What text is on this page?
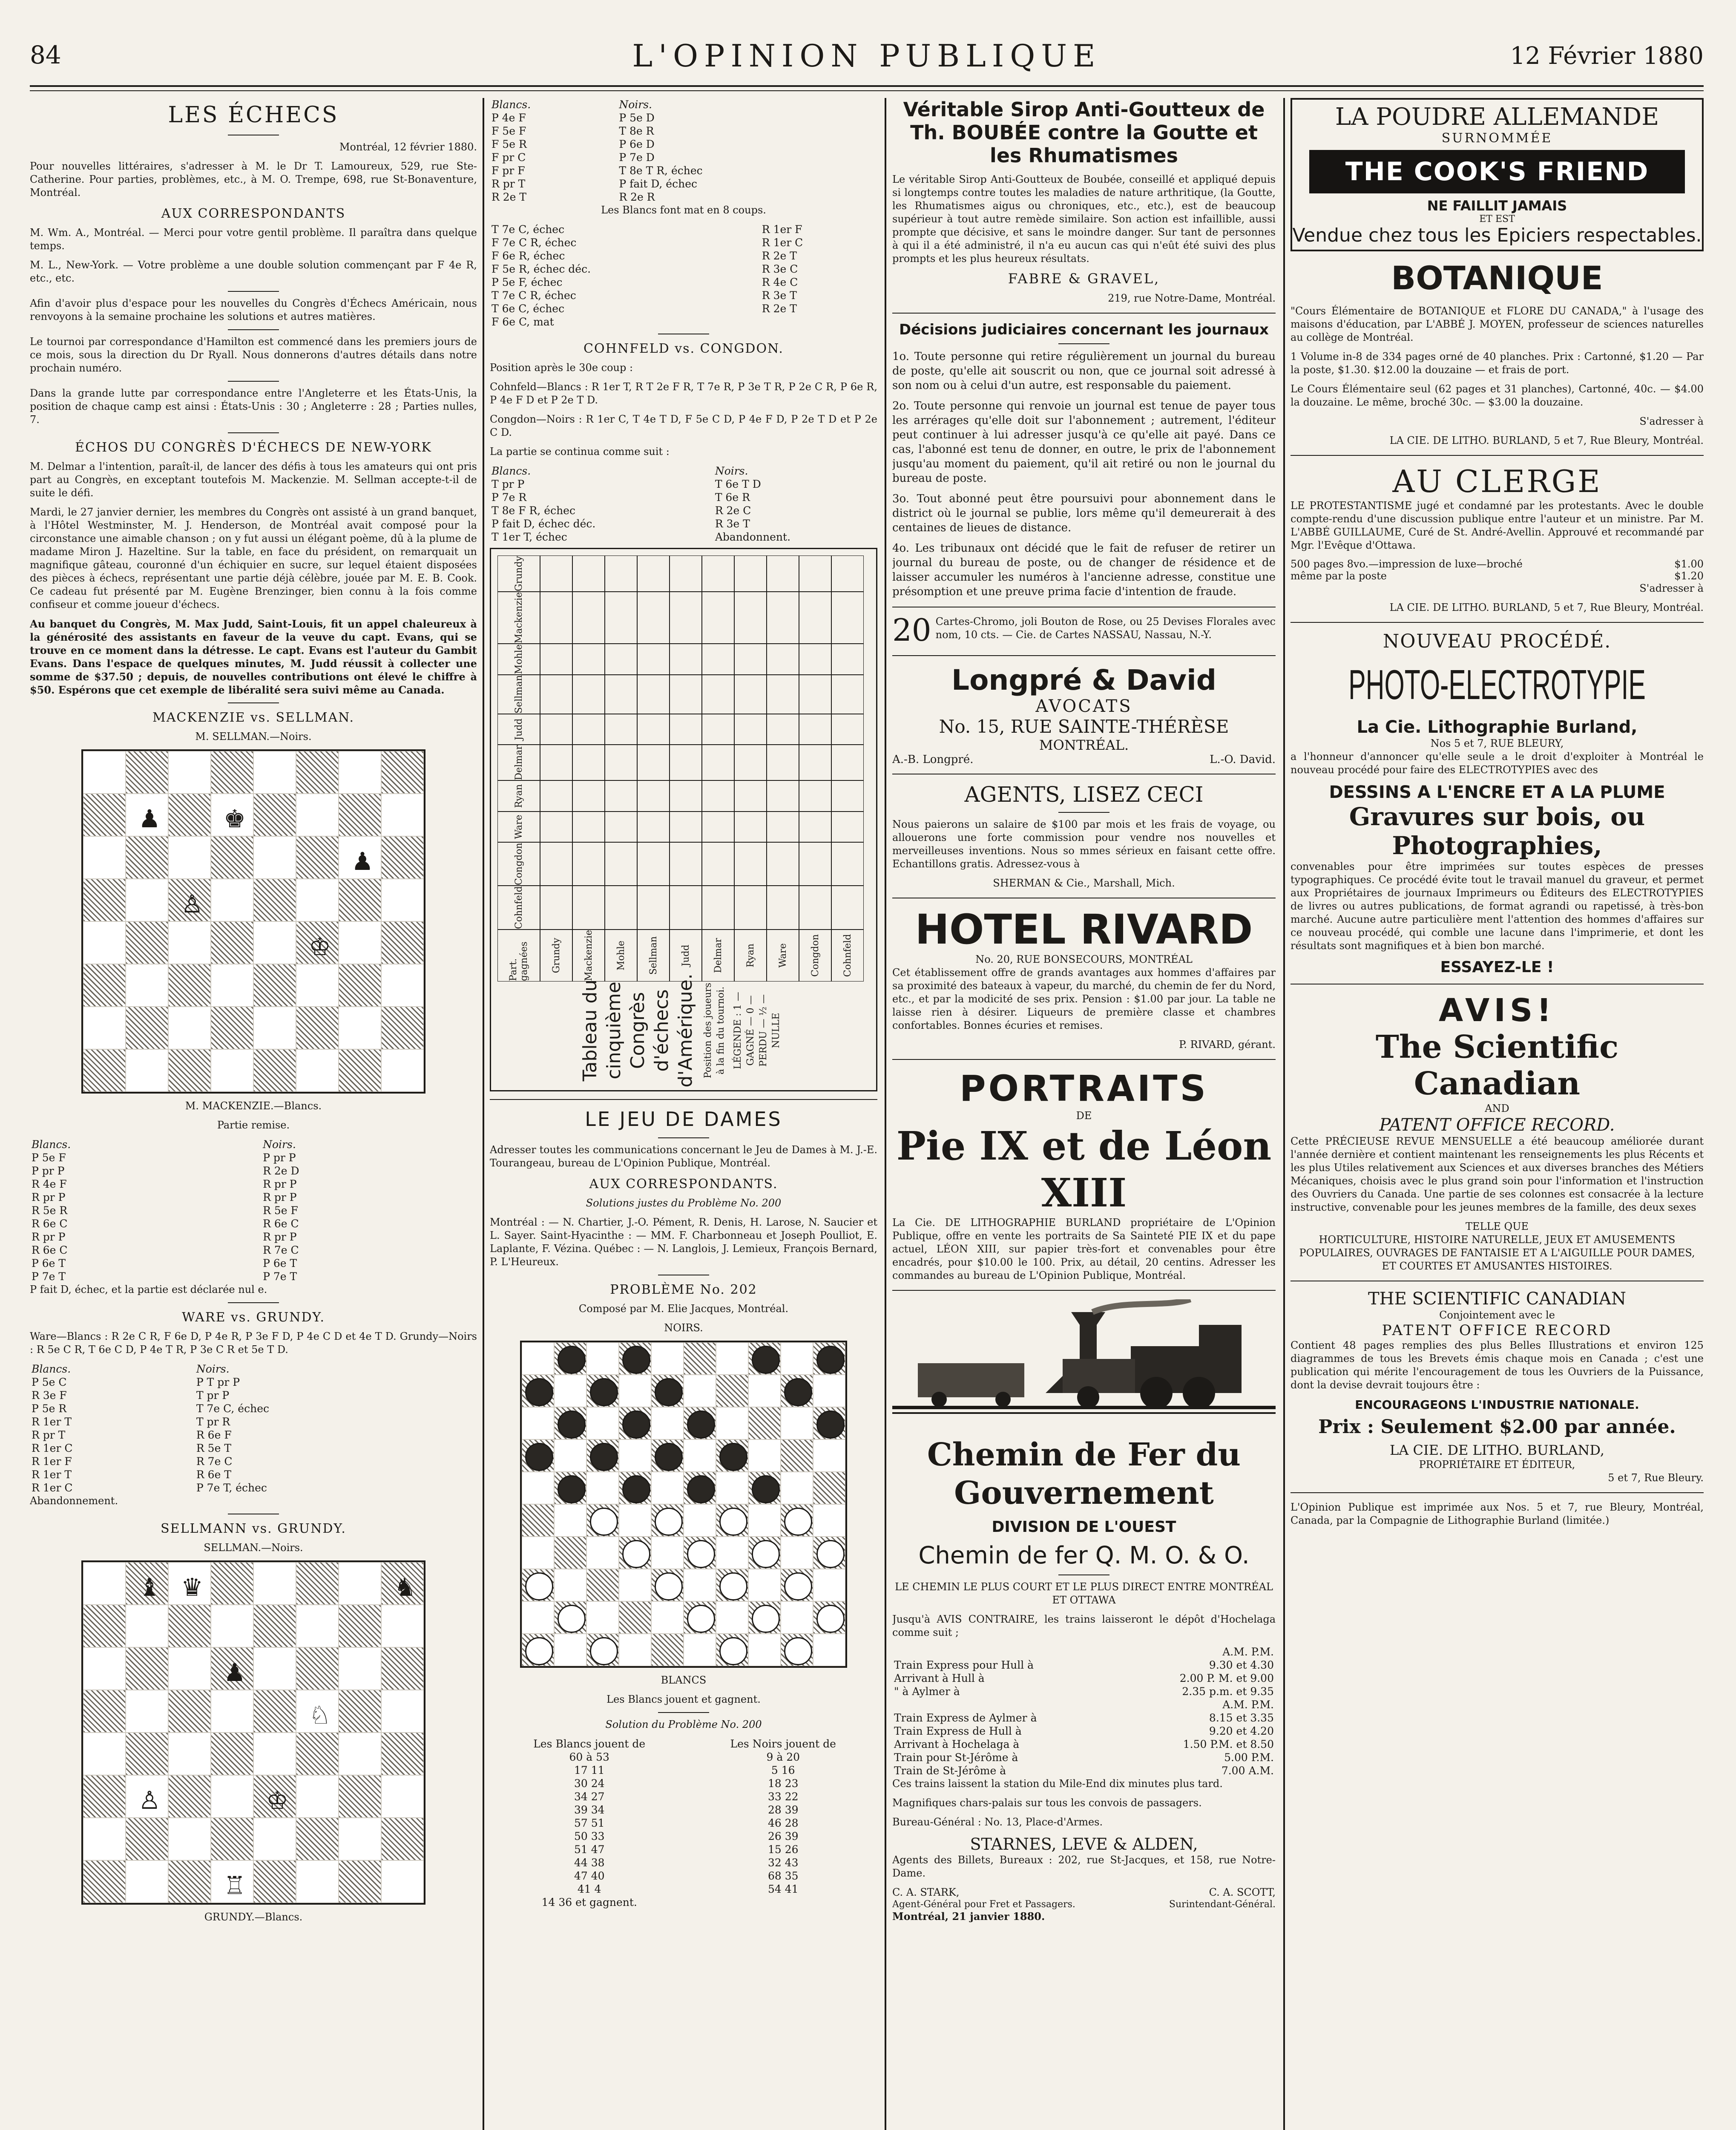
84	L'OPINION PUBLIQUE	12 Février 1880
LES ÉCHECS

Montréal, 12 février 1880.

Pour nouvelles littéraires, s'adresser à M. le Dr T. Lamoureux, 529, rue Ste-Catherine. Pour parties, problèmes, etc., à M. O. Trempe, 698, rue St-Bonaventure, Montréal.

AUX CORRESPONDANTS

M. Wm. A., Montréal. — Merci pour votre gentil problème. Il paraîtra dans quelque temps.

M. L., New-York. — Votre problème a une double solution commençant par F 4e R, etc., etc.

Afin d'avoir plus d'espace pour les nouvelles du Congrès d'Échecs Américain, nous renvoyons à la semaine prochaine les solutions et autres matières.

Le tournoi par correspondance d'Hamilton est commencé dans les premiers jours de ce mois, sous la direction du Dr Ryall. Nous donnerons d'autres détails dans notre prochain numéro.

Dans la grande lutte par correspondance entre l'Angleterre et les États-Unis, la position de chaque camp est ainsi : États-Unis : 30 ; Angleterre : 28 ; Parties nulles, 7.

ÉCHOS DU CONGRÈS D'ÉCHECS DE NEW-YORK

M. Delmar a l'intention, paraît-il, de lancer des défis à tous les amateurs qui ont pris part au Congrès, en exceptant toutefois M. Mackenzie. M. Sellman accepte-t-il de suite le défi.

Mardi, le 27 janvier dernier, les membres du Congrès ont assisté à un grand banquet, à l'Hôtel Westminster, M. J. Henderson, de Montréal avait composé pour la circonstance une aimable chanson ; on y fut aussi un élégant poème, dû à la plume de madame Miron J. Hazeltine. Sur la table, en face du président, on remarquait un magnifique gâteau, couronné d'un échiquier en sucre, sur lequel étaient disposées des pièces à échecs, représentant une partie déjà célèbre, jouée par M. E. B. Cook. Ce cadeau fut présenté par M. Eugène Brenzinger, bien connu à la fois comme confiseur et comme joueur d'échecs.

Au banquet du Congrès, M. Max Judd, Saint-Louis, fit un appel chaleureux à la générosité des assistants en faveur de la veuve du capt. Evans, qui se trouve en ce moment dans la détresse. Le capt. Evans est l'auteur du Gambit Evans. Dans l'espace de quelques minutes, M. Judd réussit à collecter une somme de $37.50 ; depuis, de nouvelles contributions ont élevé le chiffre à $50. Espérons que cet exemple de libéralité sera suivi même au Canada.

MACKENZIE vs. SELLMAN.

M. SELLMAN.—Noirs.

♟	♚
♙
♔
♟

M. MACKENZIE.—Blancs.

Partie remise.

Blancs.	Noirs.
P 5e F	P pr P
P pr P	R 2e D
R 4e F	R pr P
R pr P	R pr P
R 5e R	R 5e F
R 6e C	R 6e C
R pr P	R pr P
R 6e C	R 7e C
P 6e T	P 6e T
P 7e T	P 7e T

P fait D, échec, et la partie est déclarée nul e.

WARE vs. GRUNDY.

Ware—Blancs : R 2e C R, F 6e D, P 4e R, P 3e F D, P 4e C D et 4e T D. Grundy—Noirs : R 5e C R, T 6e C D, P 4e T R, P 3e C R et 5e T D.

Blancs.	Noirs.
P 5e C	P T pr P
R 3e F	T pr P
P 5e R	T 7e C, échec
R 1er T	T pr R
R pr T	R 6e F
R 1er C	R 5e T
R 1er F	R 7e C
R 1er T	R 6e T
R 1er C	P 7e T, échec

Abandonnement.

SELLMANN vs. GRUNDY.

SELLMAN.—Noirs.

♝ ♛	♞
♟
♘
♙
♖
♔

GRUNDY.—Blancs.

Blancs.	Noirs.
P 4e F	P 5e D
F 5e F	T 8e R
F 5e R	P 6e D
F pr C	P 7e D
F pr F	T 8e T R, échec
R pr T	P fait D, échec
R 2e T	R 2e R

Les Blancs font mat en 8 coups.

T 7e C, échec	R 1er F
F 7e C R, échec	R 1er C
F 6e R, échec	R 2e T
F 5e R, échec déc.	R 3e C
P 5e F, échec	R 4e C
T 7e C R, échec	R 3e T
T 6e C, échec	R 2e T
F 6e C, mat	
COHNFELD vs. CONGDON.

Position après le 30e coup :

Cohnfeld—Blancs : R 1er T, R T 2e F R, T 7e R, P 3e T R, P 2e C R, P 6e R, P 4e F D et P 2e T D.

Congdon—Noirs : R 1er C, T 4e T D, F 5e C D, P 4e F D, P 2e T D et P 2e C D.

La partie se continua comme suit :

Blancs.	Noirs.
T pr P	T 6e T D
P 7e R	T 6e R
T 8e F R, échec	R 2e C
P fait D, échec déc.	R 3e T
T 1er T, échec	Abandonnent.
Tableau du cinquième Congrès d'échecs d'Amérique. Position des joueurs à la fin du tournoi. LÉGENDE : 1 — GAGNÉ — 0 — PERDU — ½ — NULLE
Part. gagnées
Cohnfeld
Congdon
Ware
Ryan
Delmar
Judd
Sellman
Mohle
Mackenzie
Grundy
Grundy	Mackenzie	Mohle	Sellman	Judd	Delmar	Ryan	Ware	Congdon	Cohnfeld
LE JEU DE DAMES

Adresser toutes les communications concernant le Jeu de Dames à M. J.-E. Tourangeau, bureau de L'Opinion Publique, Montréal.

AUX CORRESPONDANTS.

Solutions justes du Problème No. 200

Montréal : — N. Chartier, J.-O. Pément, R. Denis, H. Larose, N. Saucier et L. Sayer. Saint-Hyacinthe : — MM. F. Charbonneau et Joseph Poulliot, E. Laplante, F. Vézina. Québec : — N. Langlois, J. Lemieux, François Bernard, P. L'Heureux.

PROBLÈME No. 202

Composé par M. Elie Jacques, Montréal.

NOIRS.

BLANCS

Les Blancs jouent et gagnent.

Solution du Problème No. 200

Les Blancs jouent de	Les Noirs jouent de
60 à 53	9 à 20
17 11	5 16
30 24	18 23
34 27	33 22
39 34	28 39
57 51	46 28
50 33	26 39
51 47	15 26
44 38	32 43
47 40	68 35
41 4	54 41
14 36 et gagnent.	
Véritable Sirop Anti-Goutteux de Th. BOUBÉE contre la Goutte et les Rhumatismes

Le véritable Sirop Anti-Goutteux de Boubée, conseillé et appliqué depuis si longtemps contre toutes les maladies de nature arthritique, (la Goutte, les Rhumatismes aigus ou chroniques, etc., etc.), est de beaucoup supérieur à tout autre remède similaire. Son action est infaillible, aussi prompte que décisive, et sans le moindre danger. Sur tant de personnes à qui il a été administré, il n'a eu aucun cas qui n'eût été suivi des plus prompts et les plus heureux résultats.

FABRE & GRAVEL,

219, rue Notre-Dame, Montréal.

Décisions judiciaires concernant les journaux

1o. Toute personne qui retire régulièrement un journal du bureau de poste, qu'elle ait souscrit ou non, que ce journal soit adressé à son nom ou à celui d'un autre, est responsable du paiement.

2o. Toute personne qui renvoie un journal est tenue de payer tous les arrérages qu'elle doit sur l'abonnement ; autrement, l'éditeur peut continuer à lui adresser jusqu'à ce qu'elle ait payé. Dans ce cas, l'abonné est tenu de donner, en outre, le prix de l'abonnement jusqu'au moment du paiement, qu'il ait retiré ou non le journal du bureau de poste.

3o. Tout abonné peut être poursuivi pour abonnement dans le district où le journal se publie, lors même qu'il demeurerait à des centaines de lieues de distance.

4o. Les tribunaux ont décidé que le fait de refuser de retirer un journal du bureau de poste, ou de changer de résidence et de laisser accumuler les numéros à l'ancienne adresse, constitue une présomption et une preuve prima facie d'intention de fraude.

20 Cartes-Chromo, joli Bouton de Rose, ou 25 Devises Florales avec nom, 10 cts. — Cie. de Cartes NASSAU, Nassau, N.-Y.

Longpré & David
AVOCATS
No. 15, RUE SAINTE-THÉRÈSE
MONTRÉAL.
A.-B. Longpré.	L.-O. David.
AGENTS, LISEZ CECI

Nous paierons un salaire de $100 par mois et les frais de voyage, ou allouerons une forte commission pour vendre nos nouvelles et merveilleuses inventions. Nous so mmes sérieux en faisant cette offre. Echantillons gratis. Adressez-vous à

SHERMAN & Cie., Marshall, Mich.

HOTEL RIVARD
No. 20, RUE BONSECOURS, MONTRÉAL

Cet établissement offre de grands avantages aux hommes d'affaires par sa proximité des bateaux à vapeur, du marché, du chemin de fer du Nord, etc., et par la modicité de ses prix. Pension : $1.00 par jour. La table ne laisse rien à désirer. Liqueurs de première classe et chambres confortables. Bonnes écuries et remises.

P. RIVARD, gérant.

PORTRAITS
DE
Pie IX et de Léon XIII

La Cie. DE LITHOGRAPHIE BURLAND propriétaire de L'Opinion Publique, offre en vente les portraits de Sa Sainteté PIE IX et du pape actuel, LÉON XIII, sur papier très-fort et convenables pour être encadrés, pour $10.00 le 100. Prix, au détail, 20 centins. Adresser les commandes au bureau de L'Opinion Publique, Montréal.

Chemin de Fer du Gouvernement
DIVISION DE L'OUEST
Chemin de fer Q. M. O. & O.

LE CHEMIN LE PLUS COURT ET LE PLUS DIRECT ENTRE MONTRÉAL ET OTTAWA

Jusqu'à AVIS CONTRAIRE, les trains laisseront le dépôt d'Hochelaga comme suit ;

	A.M. P.M.
Train Express pour Hull à	9.30 et 4.30
Arrivant à Hull à	2.00 P. M. et 9.00
" à Aylmer à	2.35 p.m. et 9.35
	A.M. P.M.
Train Express de Aylmer à	8.15 et 3.35
Train Express de Hull à	9.20 et 4.20
Arrivant à Hochelaga à	1.50 P.M. et 8.50
Train pour St-Jérôme à	5.00 P.M.
Train de St-Jérôme à	7.00 A.M.

Ces trains laissent la station du Mile-End dix minutes plus tard.

Magnifiques chars-palais sur tous les convois de passagers.

Bureau-Général : No. 13, Place-d'Armes.

STARNES, LEVE & ALDEN,

Agents des Billets, Bureaux : 202, rue St-Jacques, et 158, rue Notre-Dame.

C. A. STARK,	C. A. SCOTT,
Agent-Général pour Fret et Passagers.	Surintendant-Général.

Montréal, 21 janvier 1880.

LA POUDRE ALLEMANDE
SURNOMMÉE
THE COOK'S FRIEND
NE FAILLIT JAMAIS
ET EST
Vendue chez tous les Epiciers respectables.
BOTANIQUE

"Cours Élémentaire de BOTANIQUE et FLORE DU CANADA," à l'usage des maisons d'éducation, par L'ABBÉ J. MOYEN, professeur de sciences naturelles au collège de Montréal.

1 Volume in-8 de 334 pages orné de 40 planches. Prix : Cartonné, $1.20 — Par la poste, $1.30. $12.00 la douzaine — et frais de port.

Le Cours Élémentaire seul (62 pages et 31 planches), Cartonné, 40c. — $4.00 la douzaine. Le même, broché 30c. — $3.00 la douzaine.

S'adresser à

LA CIE. DE LITHO. BURLAND, 5 et 7, Rue Bleury, Montréal.

AU CLERGE

LE PROTESTANTISME jugé et condamné par les protestants. Avec le double compte-rendu d'une discussion publique entre l'auteur et un ministre. Par M. L'ABBÉ GUILLAUME, Curé de St. André-Avellin. Approuvé et recommandé par Mgr. l'Evêque d'Ottawa.

500 pages 8vo.—impression de luxe—broché	$1.00
même par la poste	$1.20

S'adresser à

LA CIE. DE LITHO. BURLAND, 5 et 7, Rue Bleury, Montréal.

NOUVEAU PROCÉDÉ.
PHOTO-ELECTROTYPIE
La Cie. Lithographie Burland,
Nos 5 et 7, RUE BLEURY,

a l'honneur d'annoncer qu'elle seule a le droit d'exploiter à Montréal le nouveau procédé pour faire des ELECTROTYPIES avec des

DESSINS A L'ENCRE ET A LA PLUME
Gravures sur bois, ou Photographies,

convenables pour être imprimées sur toutes espèces de presses typographiques. Ce procédé évite tout le travail manuel du graveur, et permet aux Propriétaires de journaux Imprimeurs ou Éditeurs des ELECTROTYPIES de livres ou autres publications, de format agrandi ou rapetissé, à très-bon marché. Aucune autre particulière ment l'attention des hommes d'affaires sur ce nouveau procédé, qui comble une lacune dans l'imprimerie, et dont les résultats sont magnifiques et à bien bon marché.

ESSAYEZ-LE !
AVIS!
The Scientific Canadian
AND
PATENT OFFICE RECORD.

Cette PRÉCIEUSE REVUE MENSUELLE a été beaucoup améliorée durant l'année dernière et contient maintenant les renseignements les plus Récents et les plus Utiles relativement aux Sciences et aux diverses branches des Métiers Mécaniques, choisis avec le plus grand soin pour l'information et l'instruction des Ouvriers du Canada. Une partie de ses colonnes est consacrée à la lecture instructive, convenable pour les jeunes membres de la famille, des deux sexes

TELLE QUE

HORTICULTURE, HISTOIRE NATURELLE, JEUX ET AMUSEMENTS POPULAIRES, OUVRAGES DE FANTAISIE ET A L'AIGUILLE POUR DAMES, ET COURTES ET AMUSANTES HISTOIRES.

THE SCIENTIFIC CANADIAN
Conjointement avec le
PATENT OFFICE RECORD

Contient 48 pages remplies des plus Belles Illustrations et environ 125 diagrammes de tous les Brevets émis chaque mois en Canada ; c'est une publication qui mérite l'encouragement de tous les Ouvriers de la Puissance, dont la devise devrait toujours être :

ENCOURAGEONS L'INDUSTRIE NATIONALE.
Prix : Seulement $2.00 par année.
LA CIE. DE LITHO. BURLAND,
PROPRIÉTAIRE ET ÉDITEUR,

5 et 7, Rue Bleury.

L'Opinion Publique est imprimée aux Nos. 5 et 7, rue Bleury, Montréal, Canada, par la Compagnie de Lithographie Burland (limitée.)
